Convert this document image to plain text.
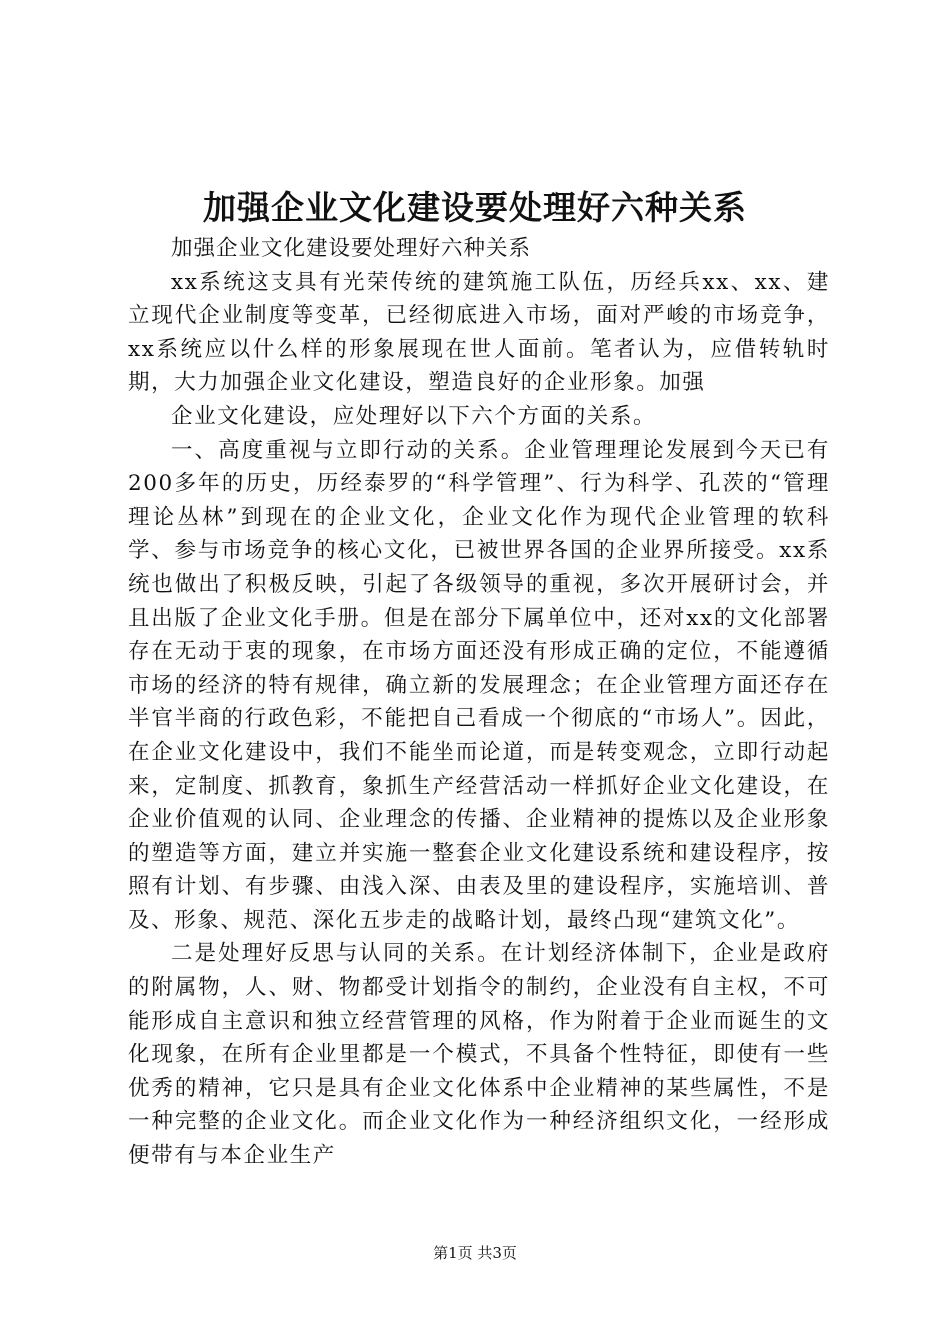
加强企业文化建设要处理好六种关系

加强企业文化建设要处理好六种关系

xx系统这支具有光荣传统的建筑施工队伍，历经兵xx、xx、建立现代企业制度等变革，已经彻底进入市场，面对严峻的市场竞争，xx系统应以什么样的形象展现在世人面前。笔者认为，应借转轨时期，大力加强企业文化建设，塑造良好的企业形象。加强

企业文化建设，应处理好以下六个方面的关系。

一、高度重视与立即行动的关系。企业管理理论发展到今天已有200多年的历史，历经泰罗的“科学管理”、行为科学、孔茨的“管理理论丛林”到现在的企业文化，企业文化作为现代企业管理的软科学、参与市场竞争的核心文化，已被世界各国的企业界所接受。xx系统也做出了积极反映，引起了各级领导的重视，多次开展研讨会，并且出版了企业文化手册。但是在部分下属单位中，还对xx的文化部署存在无动于衷的现象，在市场方面还没有形成正确的定位，不能遵循市场的经济的特有规律，确立新的发展理念；在企业管理方面还存在半官半商的行政色彩，不能把自己看成一个彻底的“市场人”。因此，在企业文化建设中，我们不能坐而论道，而是转变观念，立即行动起来，定制度、抓教育，象抓生产经营活动一样抓好企业文化建设，在企业价值观的认同、企业理念的传播、企业精神的提炼以及企业形象的塑造等方面，建立并实施一整套企业文化建设系统和建设程序，按照有计划、有步骤、由浅入深、由表及里的建设程序，实施培训、普及、形象、规范、深化五步走的战略计划，最终凸现“建筑文化”。

二是处理好反思与认同的关系。在计划经济体制下，企业是政府的附属物，人、财、物都受计划指令的制约，企业没有自主权，不可能形成自主意识和独立经营管理的风格，作为附着于企业而诞生的文化现象，在所有企业里都是一个模式，不具备个性特征，即使有一些优秀的精神，它只是具有企业文化体系中企业精神的某些属性，不是一种完整的企业文化。而企业文化作为一种经济组织文化，一经形成便带有与本企业生产

第1页 共3页
